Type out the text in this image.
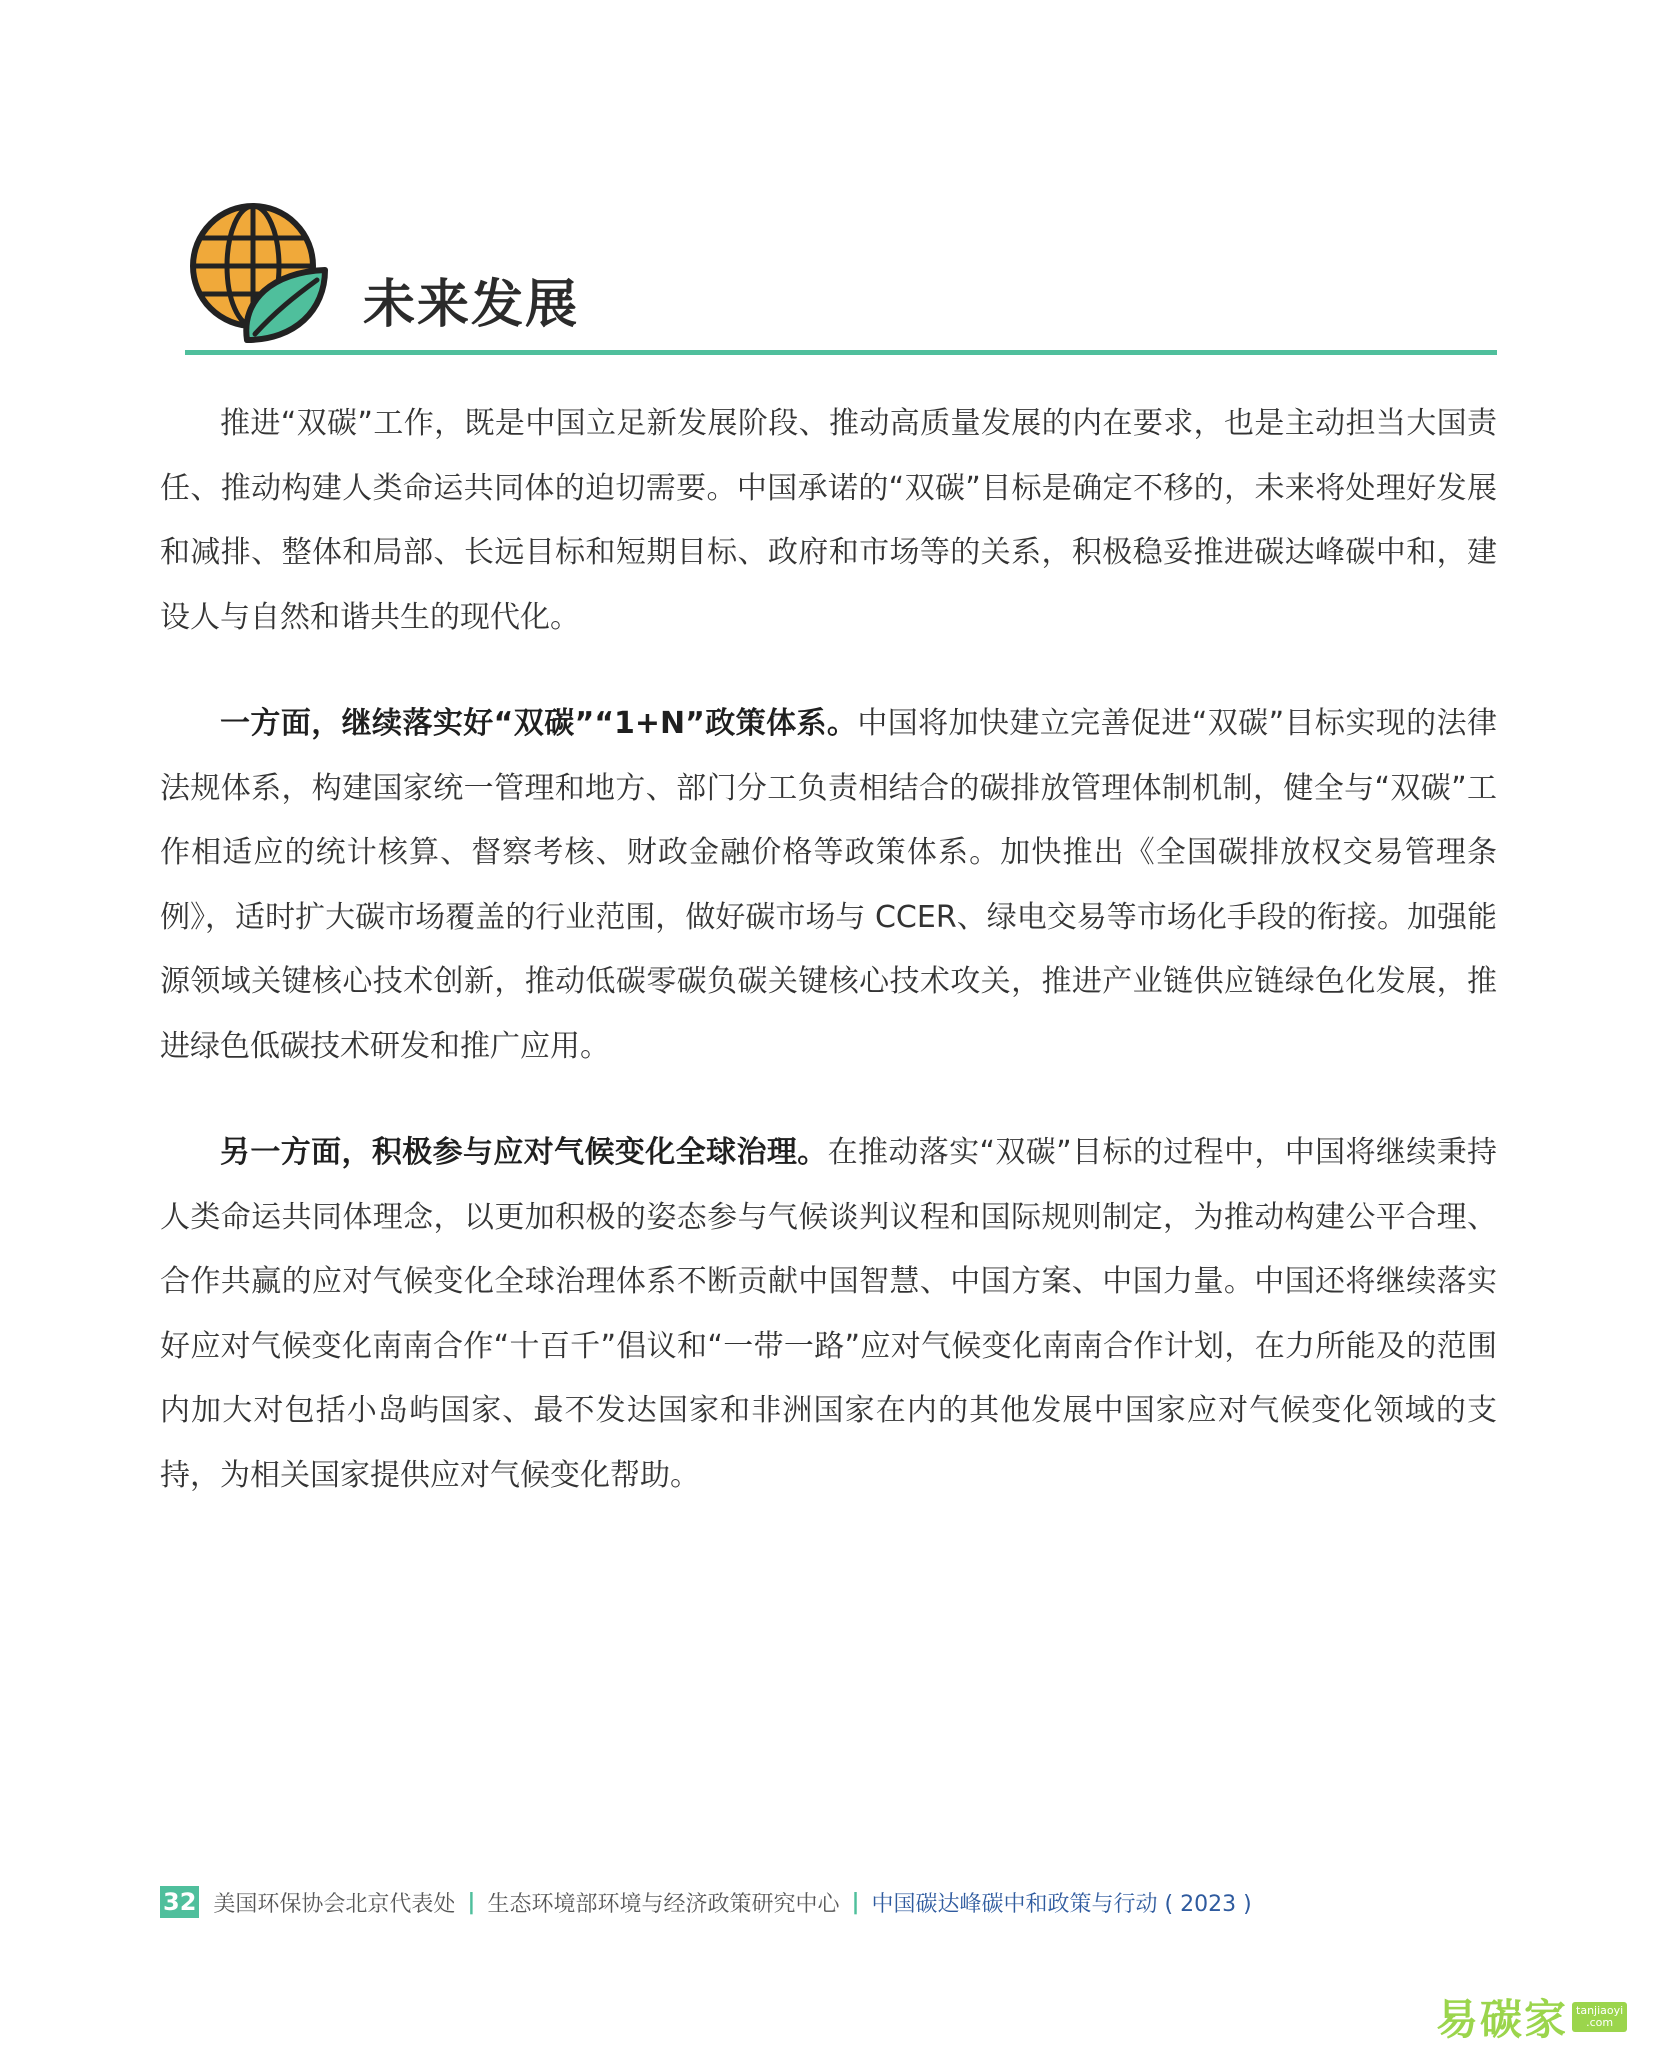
未来发展

推进“双碳”工作，既是中国立足新发展阶段、推动高质量发展的内在要求，也是主动担当大国责任、推动构建人类命运共同体的迫切需要。中国承诺的“双碳”目标是确定不移的，未来将处理好发展和减排、整体和局部、长远目标和短期目标、政府和市场等的关系，积极稳妥推进碳达峰碳中和，建设人与自然和谐共生的现代化。

一方面，继续落实好“双碳”“1+N”政策体系。中国将加快建立完善促进“双碳”目标实现的法律法规体系，构建国家统一管理和地方、部门分工负责相结合的碳排放管理体制机制，健全与“双碳”工作相适应的统计核算、督察考核、财政金融价格等政策体系。加快推出《全国碳排放权交易管理条例》，适时扩大碳市场覆盖的行业范围，做好碳市场与 CCER、绿电交易等市场化手段的衔接。加强能源领域关键核心技术创新，推动低碳零碳负碳关键核心技术攻关，推进产业链供应链绿色化发展，推进绿色低碳技术研发和推广应用。

另一方面，积极参与应对气候变化全球治理。在推动落实“双碳”目标的过程中，中国将继续秉持人类命运共同体理念，以更加积极的姿态参与气候谈判议程和国际规则制定，为推动构建公平合理、合作共赢的应对气候变化全球治理体系不断贡献中国智慧、中国方案、中国力量。中国还将继续落实好应对气候变化南南合作“十百千”倡议和“一带一路”应对气候变化南南合作计划，在力所能及的范围内加大对包括小岛屿国家、最不发达国家和非洲国家在内的其他发展中国家应对气候变化领域的支持，为相关国家提供应对气候变化帮助。

32 美国环保协会北京代表处 | 生态环境部环境与经济政策研究中心 | 中国碳达峰碳中和政策与行动 ( 2023 )
易碳家 tanjiaoyi
.com
